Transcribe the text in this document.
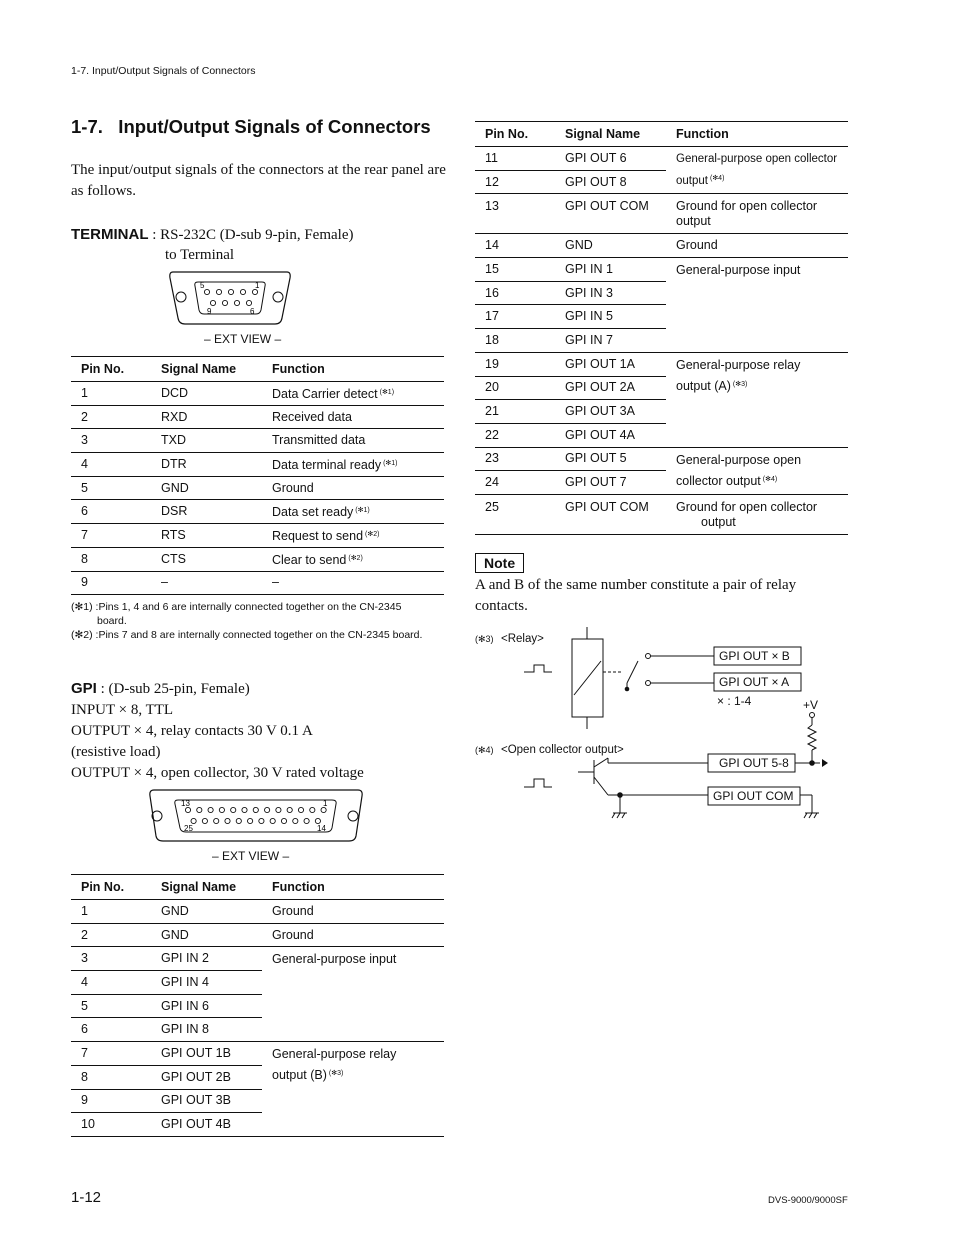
1-7. Input/Output Signals of Connectors
1-7.   Input/Output Signals of Connectors
The input/output signals of the connectors at the rear panel are as follows.
TERMINAL : RS-232C (D-sub 9-pin, Female)
to Terminal
5	1
9	6
– EXT VIEW –
Pin No.	Signal Name	Function
1	DCD	Data Carrier detect $^{(✻1)}$
2	RXD	Received data
3	TXD	Transmitted data
4	DTR	Data terminal ready $^{(✻1)}$
5	GND	Ground
6	DSR	Data set ready $^{(✻1)}$
7	RTS	Request to send $^{(✻2)}$
8	CTS	Clear to send $^{(✻2)}$
9	–	–
(✻1) :Pins 1, 4 and 6 are internally connected together on the CN-2345
board.
(✻2) :Pins 7 and 8 are internally connected together on the CN-2345 board.
GPI : (D-sub 25-pin, Female)
INPUT × 8, TTL
OUTPUT × 4, relay contacts 30 V 0.1 A
(resistive load)
OUTPUT × 4, open collector, 30 V rated voltage
13	1
25	14
– EXT VIEW –
Pin No.	Signal Name	Function
1	GND	Ground
2	GND	Ground
3	GPI IN 2	General-purpose input
4	GPI IN 4	
5	GPI IN 6	
6	GPI IN 8	
7	GPI OUT 1B	General-purpose relay
output (B) $^{(✻3)}$

8	GPI OUT 2B	
9	GPI OUT 3B	
10	GPI OUT 4B	
Pin No.	Signal Name	Function
11	GPI OUT 6	General-purpose open collector
output $^{(✻4)}$

12	GPI OUT 8	
13	GPI OUT COM	Ground for open collector
output

14	GND	Ground
15	GPI IN 1	General-purpose input
16	GPI IN 3	
17	GPI IN 5	
18	GPI IN 7	
19	GPI OUT 1A	General-purpose relay
output (A) $^{(✻3)}$

20	GPI OUT 2A	
21	GPI OUT 3A	
22	GPI OUT 4A	
23	GPI OUT 5	General-purpose open
collector output $^{(✻4)}$

24	GPI OUT 7	
25	GPI OUT COM	Ground for open collector
output
Note
A and B of the same number constitute a pair of relay contacts.
(✻3) <Relay>
(✻4) <Open collector output>
GPI OUT × B
GPI OUT × A
× : 1-4	+V
GPI OUT 5-8
GPI OUT COM
1-12	DVS-9000/9000SF
